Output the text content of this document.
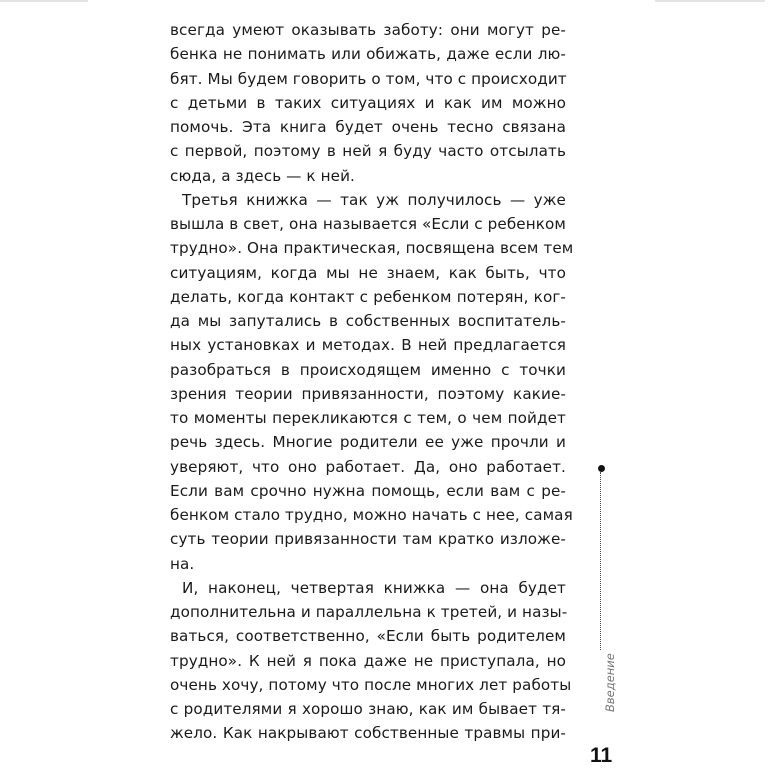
всегда умеют оказывать заботу: они могут ре-
бенка не понимать или обижать, даже если лю-
бят. Мы будем говорить о том, что с происходит
с детьми в таких ситуациях и как им можно
помочь. Эта книга будет очень тесно связана
с первой, поэтому в ней я буду часто отсылать
сюда, а здесь — к ней.
Третья книжка — так уж получилось — уже
вышла в свет, она называется «Если с ребенком
трудно». Она практическая, посвящена всем тем
ситуациям, когда мы не знаем, как быть, что
делать, когда контакт с ребенком потерян, ког-
да мы запутались в собственных воспитатель-
ных установках и методах. В ней предлагается
разобраться в происходящем именно с точки
зрения теории привязанности, поэтому какие-
то моменты перекликаются с тем, о чем пойдет
речь здесь. Многие родители ее уже прочли и
уверяют, что оно работает. Да, оно работает.
Если вам срочно нужна помощь, если вам с ре-
бенком стало трудно, можно начать с нее, самая
суть теории привязанности там кратко изложе-
на.
И, наконец, четвертая книжка — она будет
дополнительна и параллельна к третей, и назы-
ваться, соответственно, «Если быть родителем
трудно». К ней я пока даже не приступала, но
очень хочу, потому что после многих лет работы
с родителями я хорошо знаю, как им бывает тя-
жело. Как накрывают собственные травмы при-
Введение
11
